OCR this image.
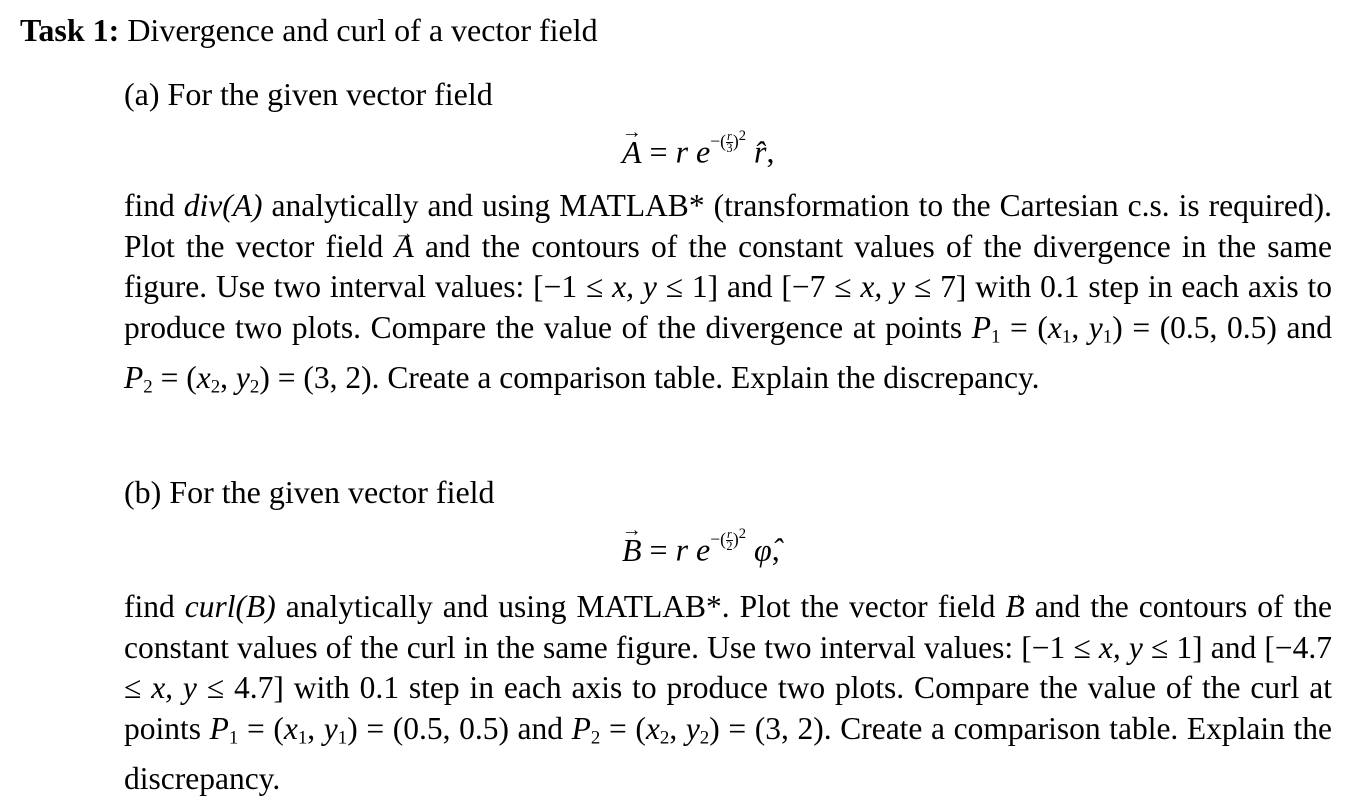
Task 1: Divergence and curl of a vector field
(a) For the given vector field
A → = r $e-( \frac{r}{3} )^2$ r̂,

find div(A) analytically and using MATLAB* (transformation to the Cartesian c.s. is required). Plot the vector field A → and the contours of the constant values of the divergence in the same figure. Use two interval values: [−1 ≤ x, y ≤ 1] and [−7 ≤ x, y ≤ 7] with 0.1 step in each axis to produce two plots. Compare the value of the divergence at points $P_1 = (x_1$, $y_1) = (0.5$, 0.5) and $P_2 = (x_2$, $y_2) = (3$, 2). Create a comparison table. Explain the discrepancy.

(b) For the given vector field
B → = r $e-( \frac{r}{2} )^2$ φ̂,

find curl(B) analytically and using MATLAB*. Plot the vector field B → and the contours of the constant values of the curl in the same figure. Use two interval values: [−1 ≤ x, y ≤ 1] and [−4.7 ≤ x, y ≤ 4.7] with 0.1 step in each axis to produce two plots. Compare the value of the curl at points $P_1 = (x_1$, $y_1) = (0.5$, 0.5) and $P_2 = (x_2$, $y_2) = (3$, 2). Create a comparison table. Explain the discrepancy.
